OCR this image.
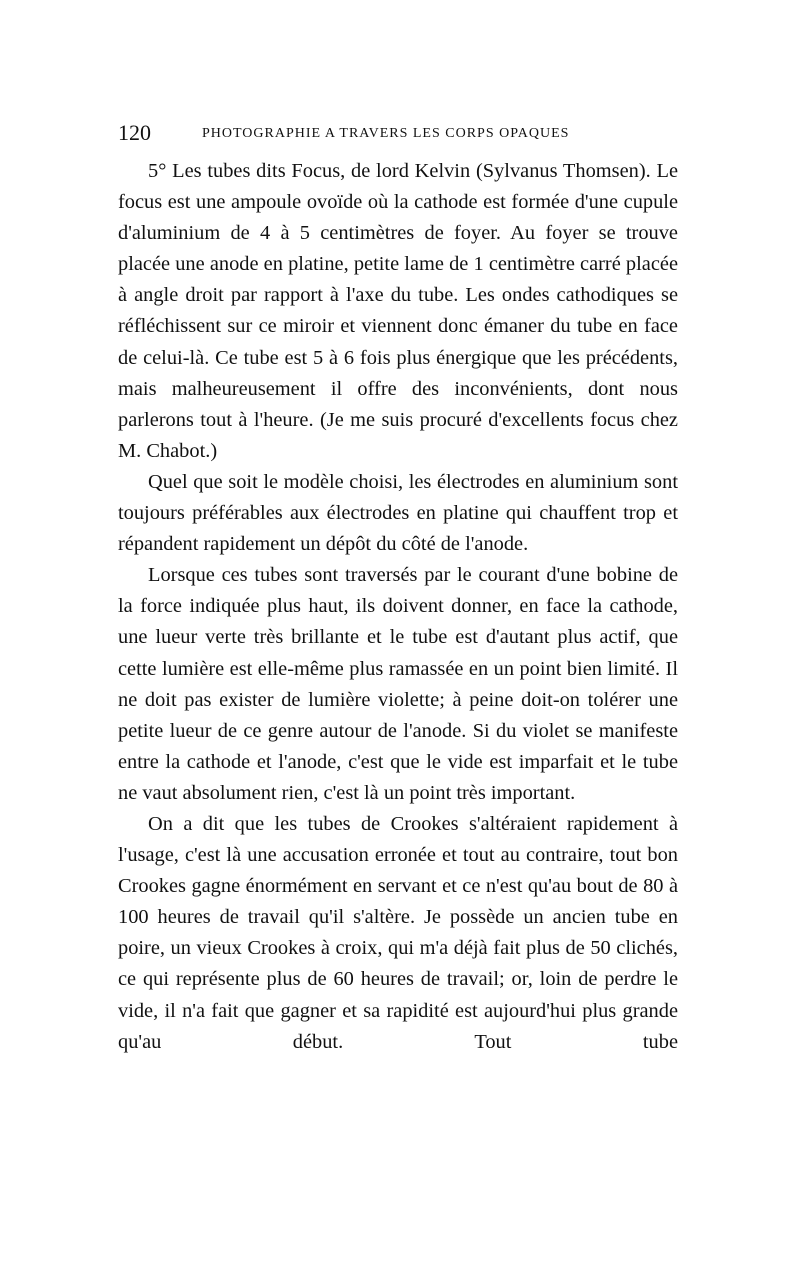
120	PHOTOGRAPHIE A TRAVERS LES CORPS OPAQUES

5° Les tubes dits Focus, de lord Kelvin (Sylvanus Thomsen). Le focus est une ampoule ovoïde où la cathode est formée d'une cupule d'aluminium de 4 à 5 centimètres de foyer. Au foyer se trouve placée une anode en platine, petite lame de 1 centimètre carré placée à angle droit par rapport à l'axe du tube. Les ondes cathodiques se réfléchissent sur ce miroir et viennent donc émaner du tube en face de celui-là. Ce tube est 5 à 6 fois plus énergique que les précédents, mais malheureusement il offre des inconvénients, dont nous parlerons tout à l'heure. (Je me suis procuré d'excellents focus chez M. Chabot.)

Quel que soit le modèle choisi, les électrodes en aluminium sont toujours préférables aux électrodes en platine qui chauffent trop et répandent rapidement un dépôt du côté de l'anode.

Lorsque ces tubes sont traversés par le courant d'une bobine de la force indiquée plus haut, ils doivent donner, en face la cathode, une lueur verte très brillante et le tube est d'autant plus actif, que cette lumière est elle-même plus ramassée en un point bien limité. Il ne doit pas exister de lumière violette; à peine doit-on tolérer une petite lueur de ce genre autour de l'anode. Si du violet se manifeste entre la cathode et l'anode, c'est que le vide est imparfait et le tube ne vaut absolument rien, c'est là un point très important.

On a dit que les tubes de Crookes s'altéraient rapidement à l'usage, c'est là une accusation erronée et tout au contraire, tout bon Crookes gagne énormément en servant et ce n'est qu'au bout de 80 à 100 heures de travail qu'il s'altère. Je possède un ancien tube en poire, un vieux Crookes à croix, qui m'a déjà fait plus de 50 clichés, ce qui représente plus de 60 heures de travail; or, loin de perdre le vide, il n'a fait que gagner et sa rapidité est aujourd'hui plus grande qu'au début. Tout tube
